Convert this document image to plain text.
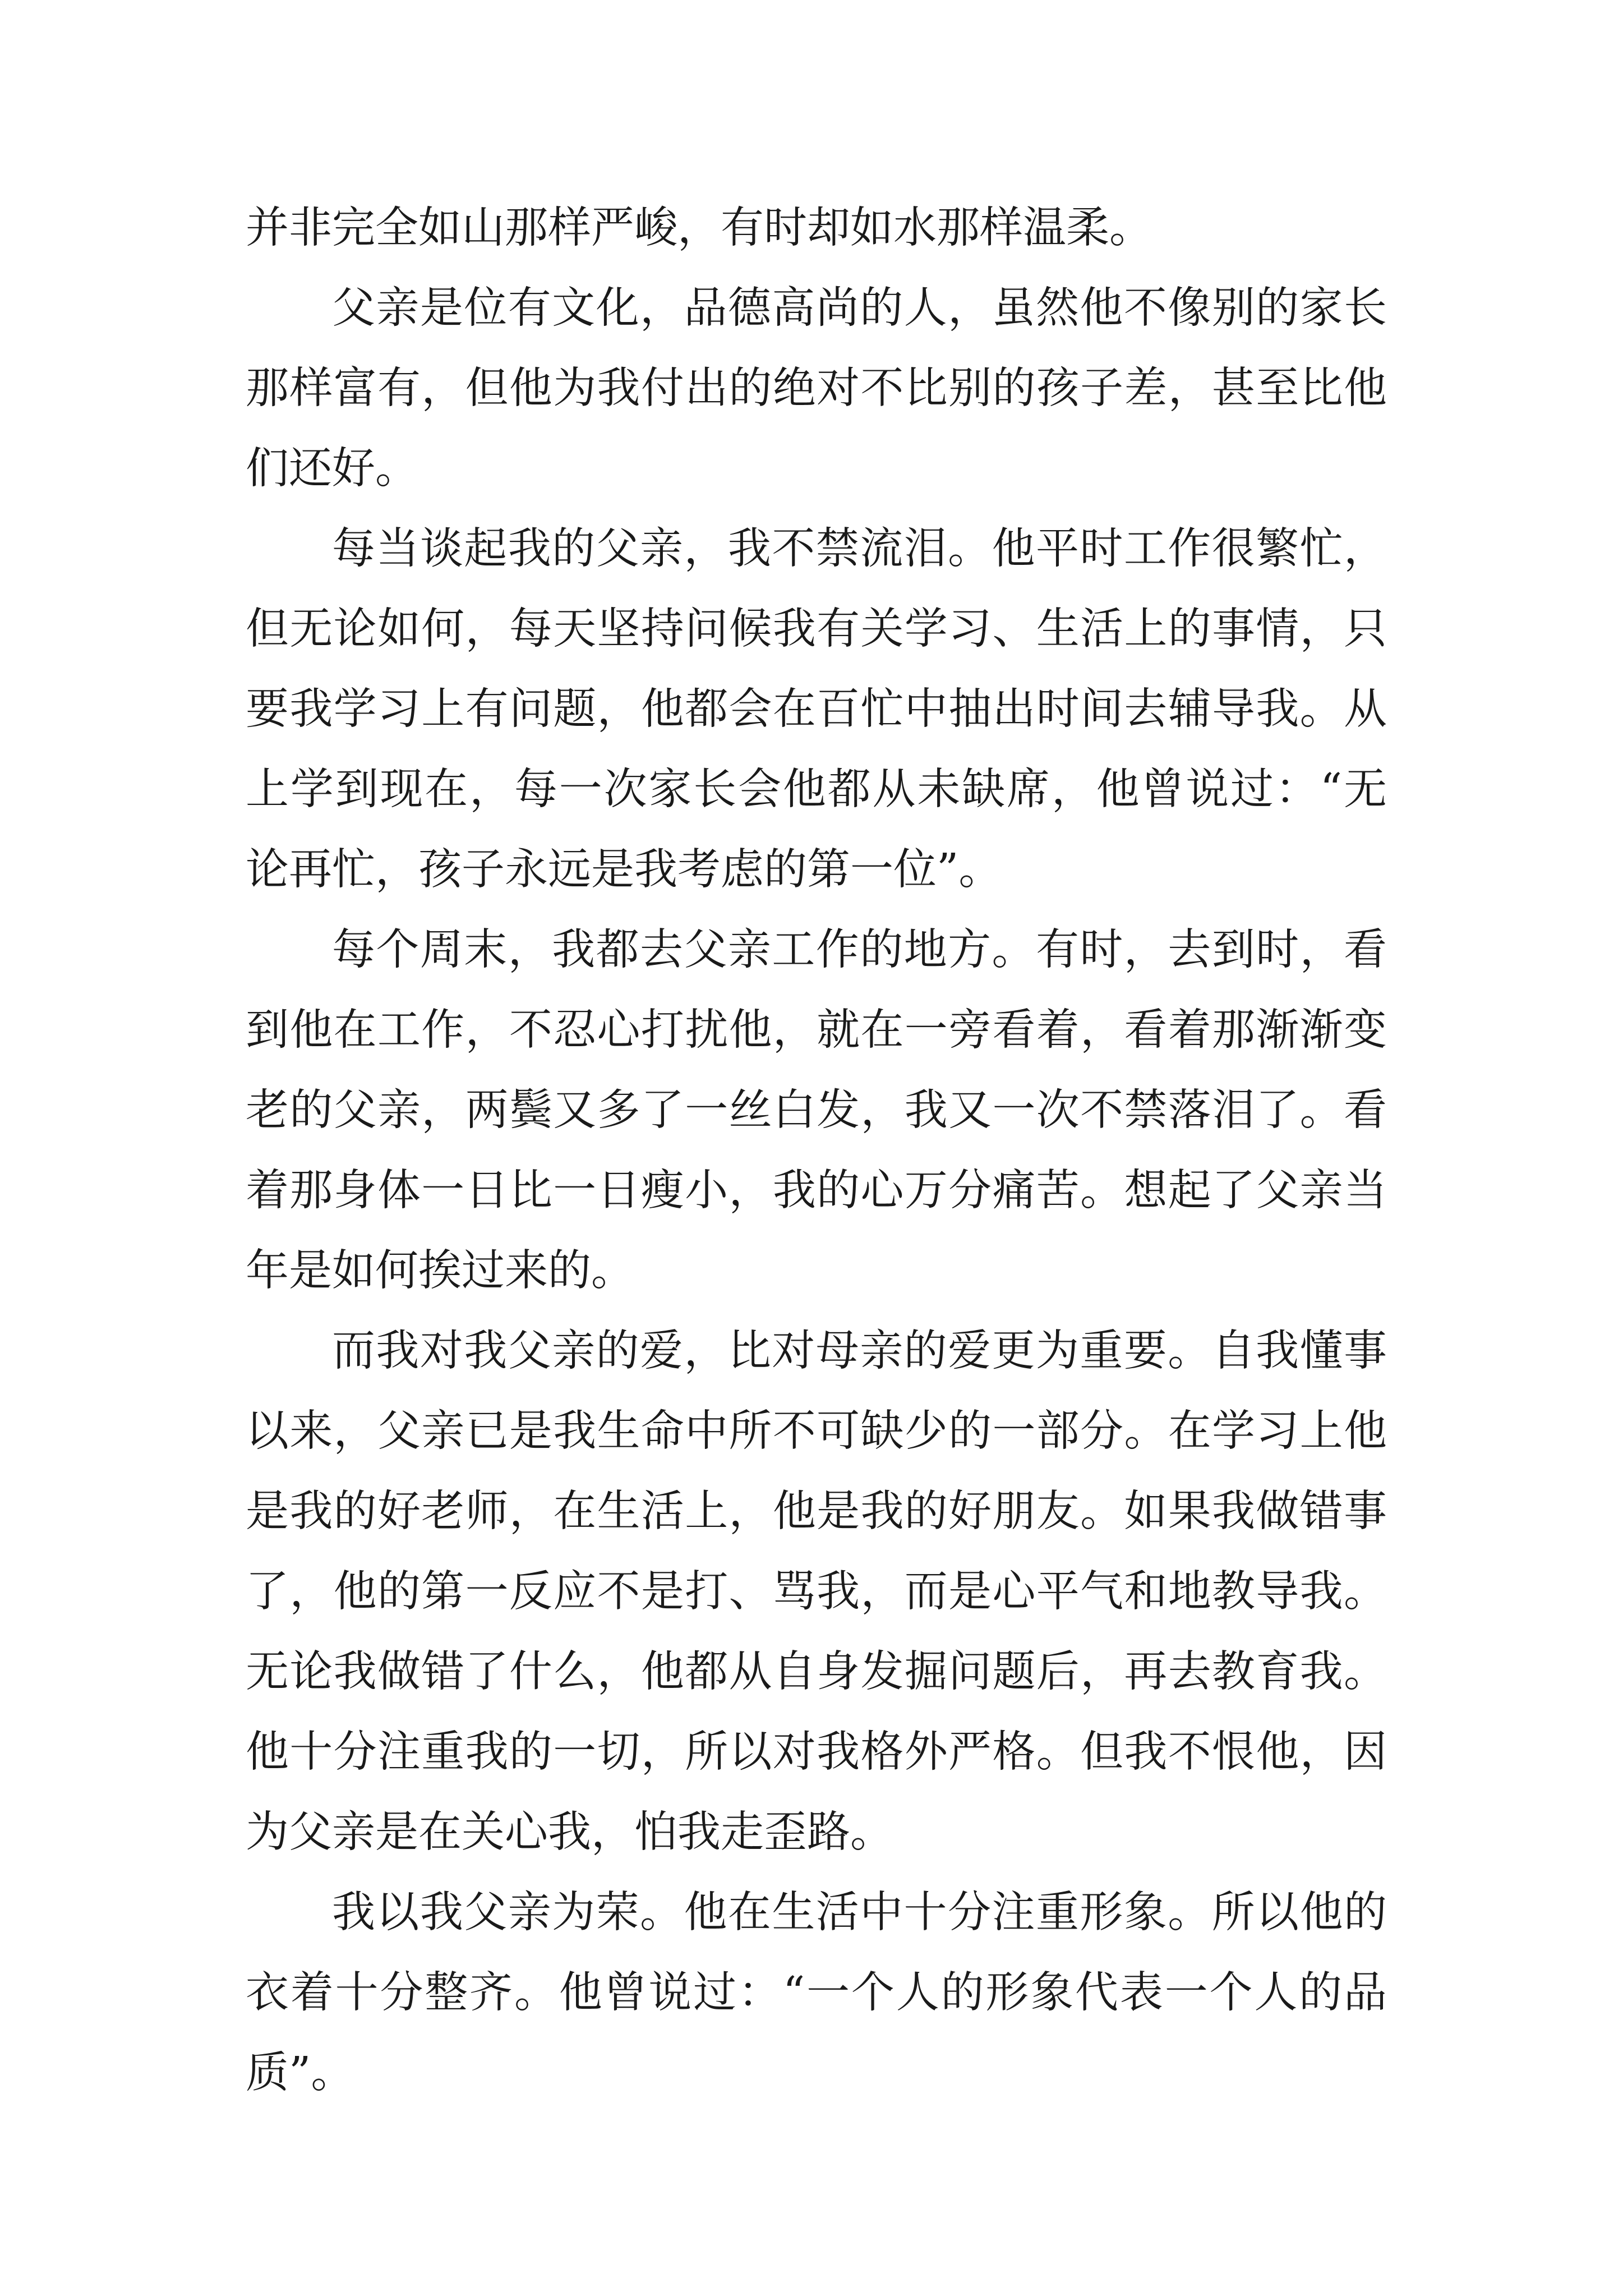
并非完全如山那样严峻，有时却如水那样温柔。

父亲是位有文化，品德高尚的人，虽然他不像别的家长那样富有，但他为我付出的绝对不比别的孩子差，甚至比他们还好。

每当谈起我的父亲，我不禁流泪。他平时工作很繁忙，但无论如何，每天坚持问候我有关学习、生活上的事情，只要我学习上有问题，他都会在百忙中抽出时间去辅导我。从上学到现在，每一次家长会他都从未缺席，他曾说过：“无论再忙，孩子永远是我考虑的第一位”。

每个周末，我都去父亲工作的地方。有时，去到时，看到他在工作，不忍心打扰他，就在一旁看着，看着那渐渐变老的父亲，两鬓又多了一丝白发，我又一次不禁落泪了。看着那身体一日比一日瘦小，我的心万分痛苦。想起了父亲当年是如何挨过来的。

而我对我父亲的爱，比对母亲的爱更为重要。自我懂事以来，父亲已是我生命中所不可缺少的一部分。在学习上他是我的好老师，在生活上，他是我的好朋友。如果我做错事了，他的第一反应不是打、骂我，而是心平气和地教导我。无论我做错了什么，他都从自身发掘问题后，再去教育我。他十分注重我的一切，所以对我格外严格。但我不恨他，因为父亲是在关心我，怕我走歪路。

我以我父亲为荣。他在生活中十分注重形象。所以他的衣着十分整齐。他曾说过：“一个人的形象代表一个人的品质”。
